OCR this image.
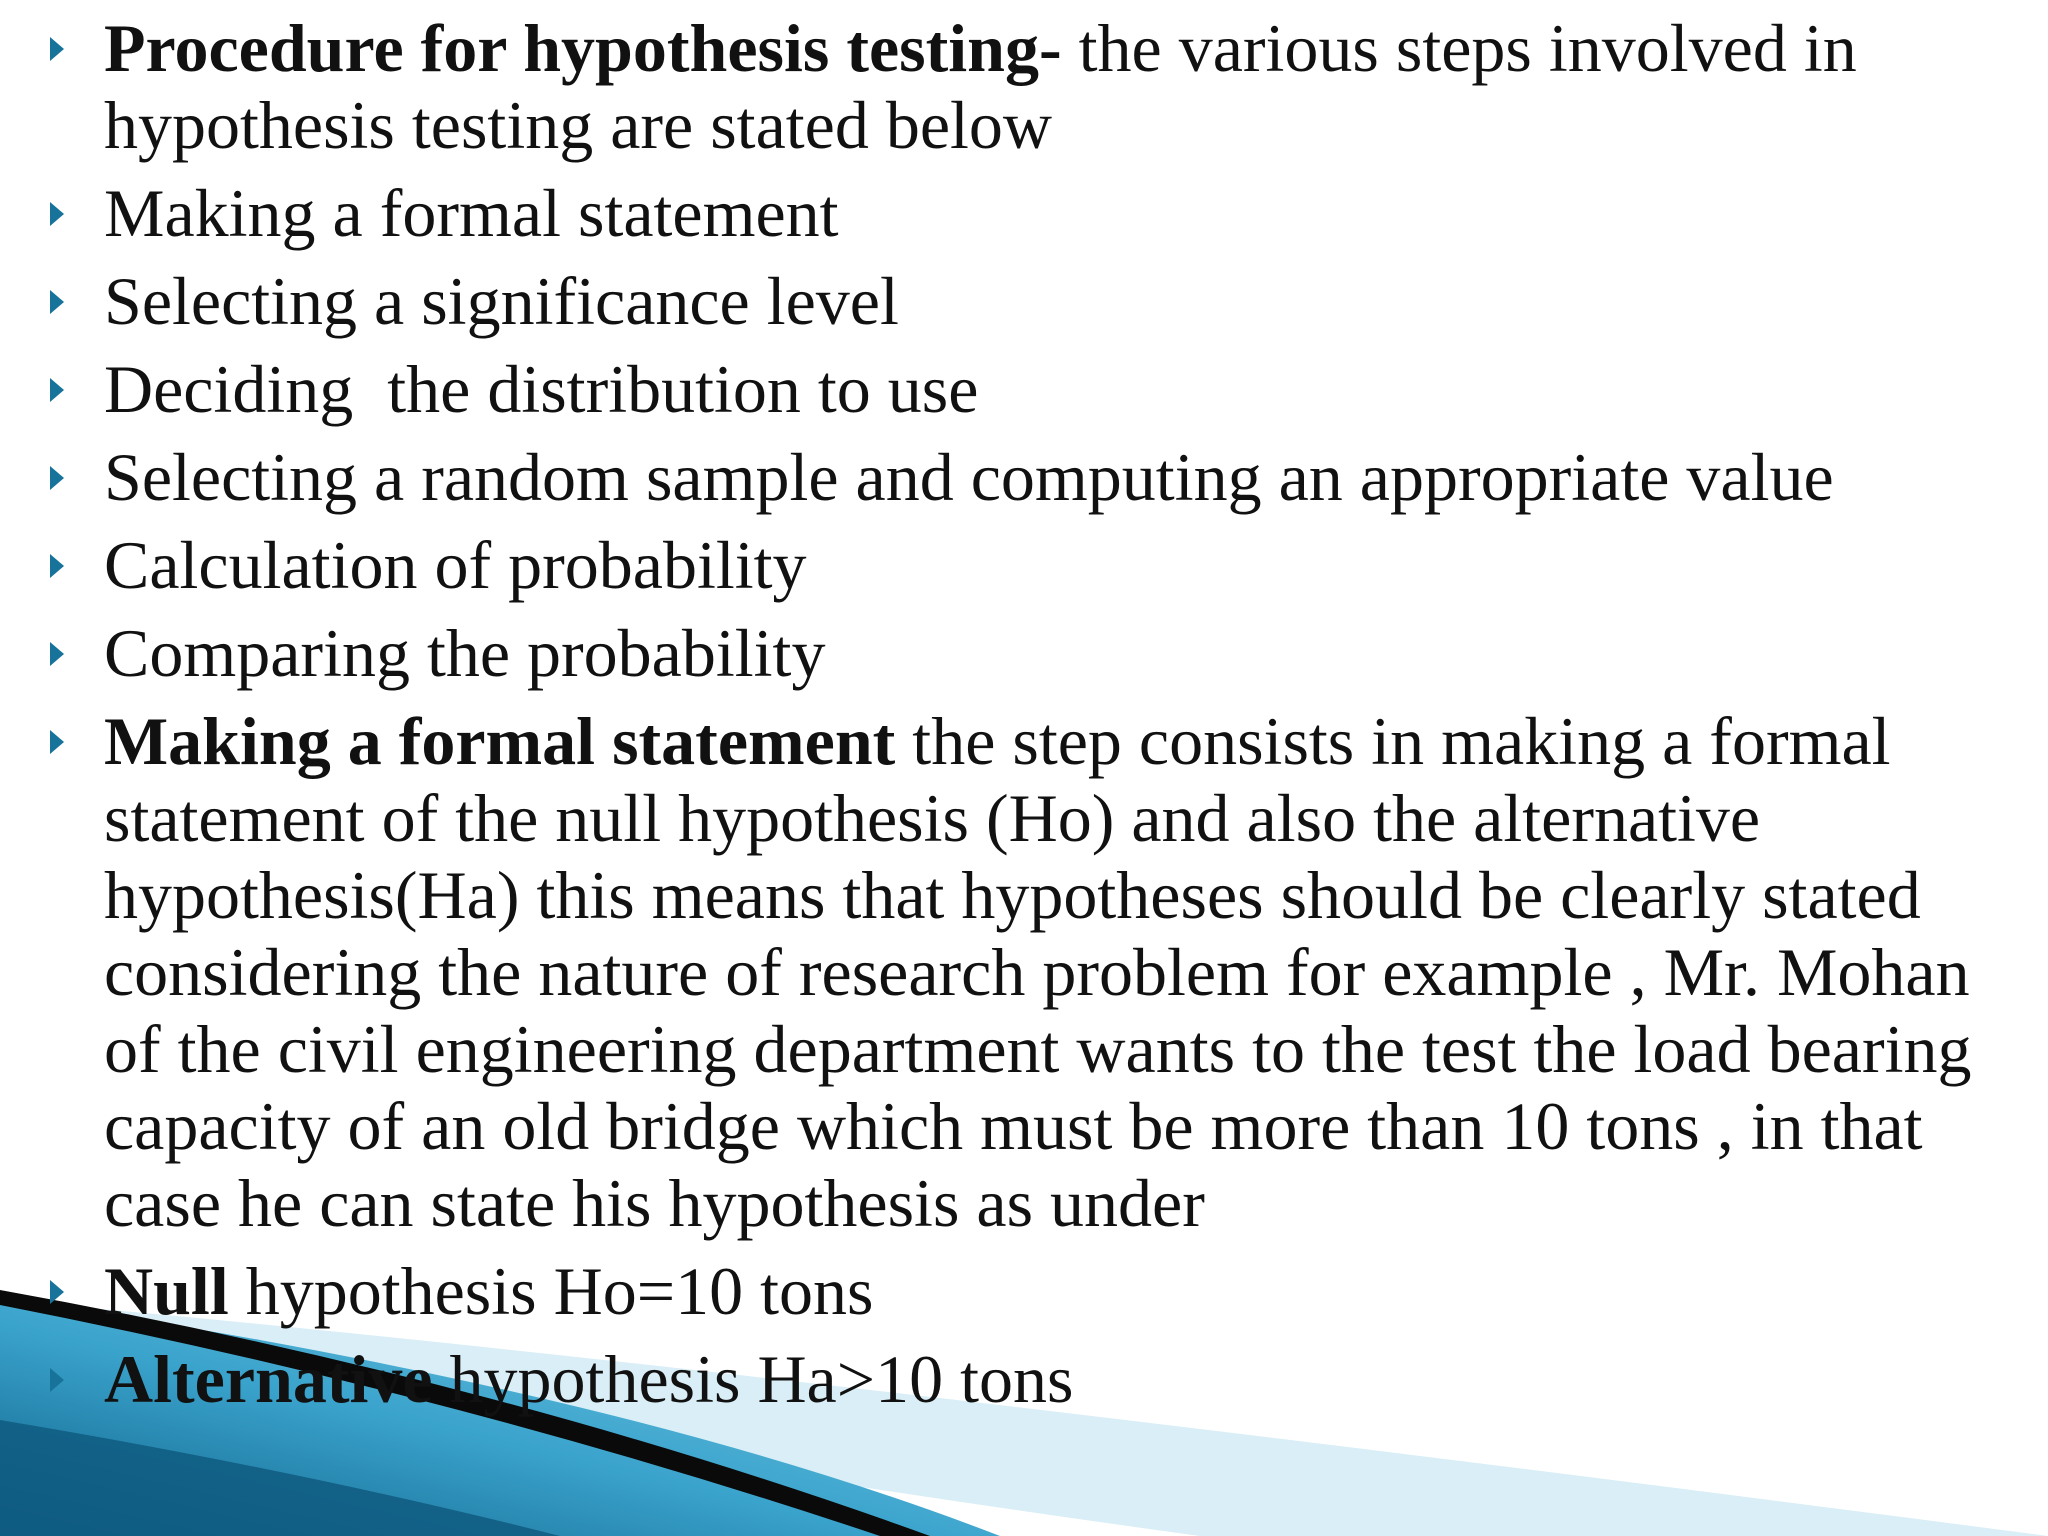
Procedure for hypothesis testing- the various steps involved in hypothesis testing are stated below
Making a formal statement
Selecting a significance level
Deciding  the distribution to use
Selecting a random sample and computing an appropriate value
Calculation of probability
Comparing the probability
Making a formal statement the step consists in making a formal statement of the null hypothesis (Ho) and also the alternative hypothesis(Ha) this means that hypotheses should be clearly stated considering the nature of research problem for example , Mr. Mohan of the civil engineering department wants to the test the load bearing capacity of an old bridge which must be more than 10 tons , in that case he can state his hypothesis as under
Null hypothesis Ho=10 tons
Alternative hypothesis Ha>10 tons
